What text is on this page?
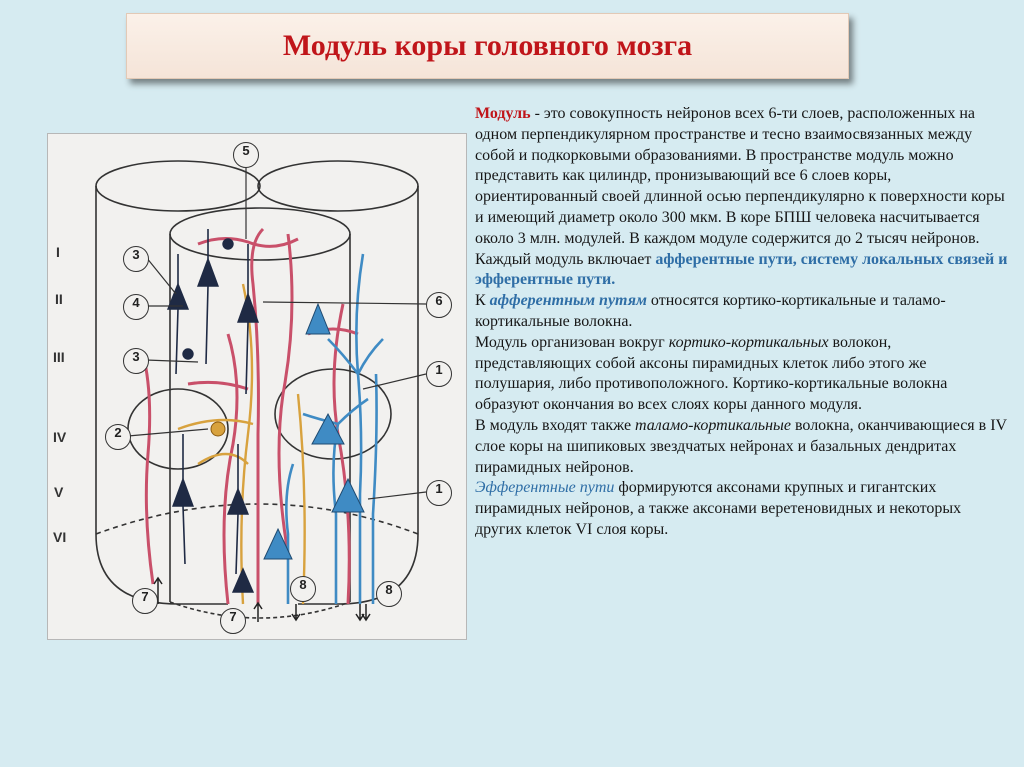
Модуль коры головного мозга
I
II
III
IV
V
VI
5
3
4
3
2
6
1
1
8
7
7
8

Модуль - это совокупность нейронов всех 6-ти слоев, расположенных на одном перпендикулярном пространстве и тесно взаимосвязанных между собой и подкорковыми образованиями. В пространстве модуль можно представить как цилиндр, пронизывающий все 6 слоев коры, ориентированный своей длинной осью перпендикулярно к поверхности коры и имеющий диаметр около 300 мкм. В коре БПШ человека насчитывается около 3 млн. модулей. В каждом модуле содержится до 2 тысяч нейронов. Каждый модуль включает афферентные пути, систему локальных связей и эфферентные пути.

К афферентным путям относятся кортико-кортикальные и таламо-кортикальные волокна.

Модуль организован вокруг кортико-кортикальных волокон, представляющих собой аксоны пирамидных клеток либо этого же полушария, либо противоположного. Кортико-кортикальные волокна образуют окончания во всех слоях коры данного модуля.

В модуль входят также таламо-кортикальные волокна, оканчивающиеся в IV слое коры на шипиковых звездчатых нейронах и базальных дендритах пирамидных нейронов.

Эфферентные пути формируются аксонами крупных и гигантских пирамидных нейронов, а также аксонами веретеновидных и некоторых других клеток VI слоя коры.
